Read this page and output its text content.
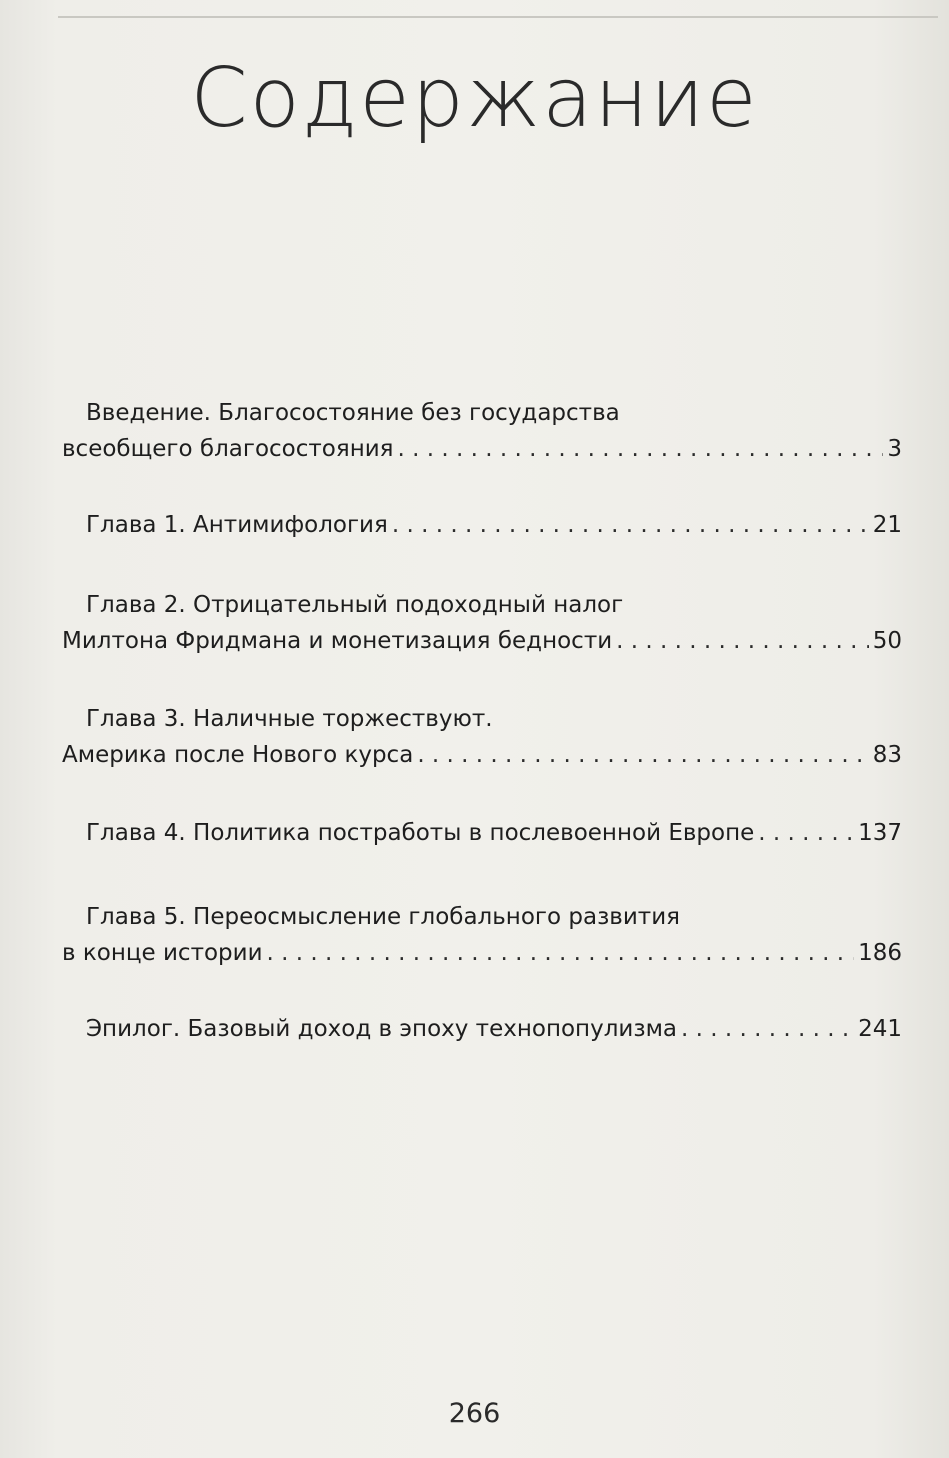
Содержание
Введение. Благосостояние без государства
всеобщего благосостояния . . .	3
Глава 1. Антимифология . . .	21
Глава 2. Отрицательный подоходный налог
Милтона Фридмана и монетизация бедности . . .	50
Глава 3. Наличные торжествуют.
Америка после Нового курса . . .	83
Глава 4. Политика постработы в послевоенной Европе . . .	137
Глава 5. Переосмысление глобального развития
в конце истории . . .	186
Эпилог. Базовый доход в эпоху технопопулизма . . .	241
266
